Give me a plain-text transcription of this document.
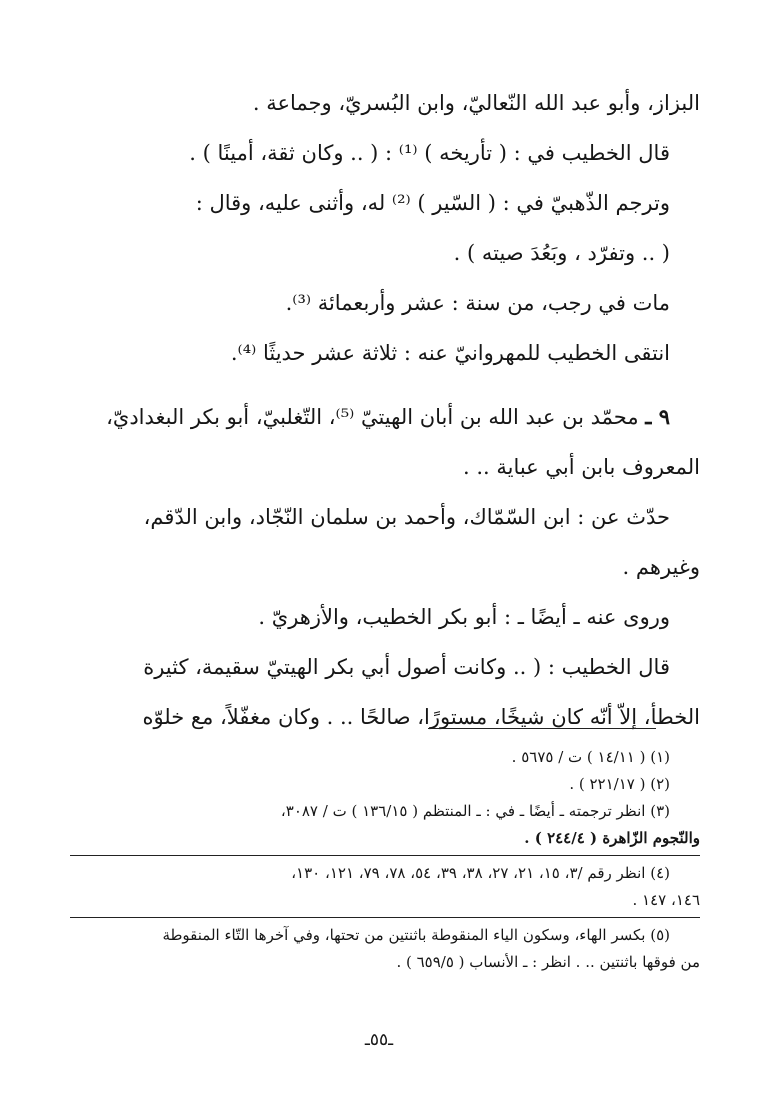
البزاز، وأبو عبد الله النّعاليّ، وابن البُسريّ، وجماعة .

قال الخطيب في : ( تأريخه ) ⁽¹⁾ : ( .. وكان ثقة، أمينًا ) .

وترجم الذّهبيّ في : ( السّير ) ⁽²⁾ له، وأثنى عليه، وقال :

( .. وتفرّد ، وبَعُدَ صيته ) .

مات في رجب، من سنة : عشر وأربعمائة ⁽³⁾.

انتقى الخطيب للمهروانيّ عنه : ثلاثة عشر حديثًا ⁽⁴⁾.

٩ ـ محمّد بن عبد الله بن أبان الهيتيّ ⁽⁵⁾، التّغلبيّ، أبو بكر البغداديّ،

المعروف بابن أبي عباية .. .

حدّث عن : ابن السّمّاك، وأحمد بن سلمان النّجّاد، وابن الدّقم،

وغيرهم .

وروى عنه ـ أيضًا ـ : أبو بكر الخطيب، والأزهريّ .

قال الخطيب : ( .. وكانت أصول أبي بكر الهيتيّ سقيمة، كثيرة

الخطأ، إلاّ أنّه كان شيخًا، مستورًا، صالحًا .. . وكان مغفّلاً، مع خلوّه

(١) ( ١٤/١١ ) ت / ٥٦٧٥ .

(٢) ( ٢٢١/١٧ ) .

(٣) انظر ترجمته ـ أيضًا ـ في : ـ المنتظم ( ١٣٦/١٥ ) ت / ٣٠٨٧،

والنّجوم الزّاهرة ( ٢٤٤/٤ ) .

(٤) انظر رقم /٣، ١٥، ٢١، ٢٧، ٣٨، ٣٩، ٥٤، ٧٨، ٧٩، ١٢١، ١٣٠،

١٤٦، ١٤٧ .

(٥) بكسر الهاء، وسكون الياء المنقوطة باثنتين من تحتها، وفي آخرها التّاء المنقوطة

من فوقها باثنتين .. . انظر : ـ الأنساب ( ٦٥٩/٥ ) .

ـ٥٥ـ
